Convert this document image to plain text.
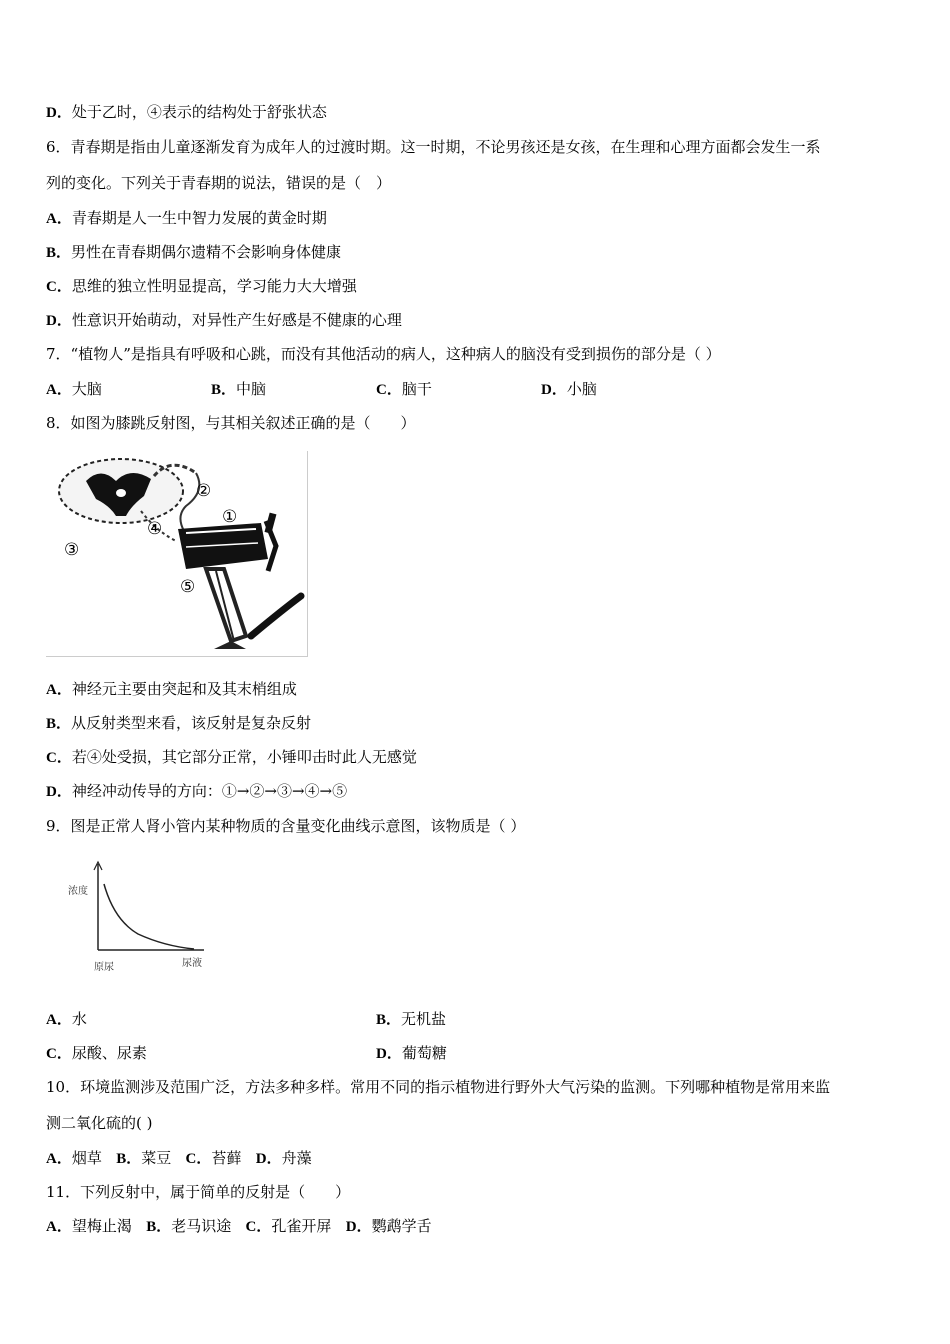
D．处于乙时，④表示的结构处于舒张状态
6．青春期是指由儿童逐渐发育为成年人的过渡时期。这一时期，不论男孩还是女孩，在生理和心理方面都会发生一系
列的变化。下列关于青春期的说法，错误的是（　）
A．青春期是人一生中智力发展的黄金时期
B．男性在青春期偶尔遗精不会影响身体健康
C．思维的独立性明显提高，学习能力大大增强
D．性意识开始萌动，对异性产生好感是不健康的心理
7．“植物人”是指具有呼吸和心跳，而没有其他活动的病人，这种病人的脑没有受到损伤的部分是（ ）
A．大脑	B．中脑	C．脑干	D．小脑
8．如图为膝跳反射图，与其相关叙述正确的是（　　）
①
②
③
④
⑤
A．神经元主要由突起和及其末梢组成
B．从反射类型来看，该反射是复杂反射
C．若④处受损，其它部分正常，小锤叩击时此人无感觉
D．神经冲动传导的方向：①→②→③→④→⑤
9．图是正常人肾小管内某种物质的含量变化曲线示意图，该物质是（ ）
浓度
原尿	尿液
A．水	B．无机盐
C．尿酸、尿素	D．葡萄糖
10．环境监测涉及范围广泛，方法多种多样。常用不同的指示植物进行野外大气污染的监测。下列哪种植物是常用来监
测二氧化硫的( )
A．烟草 B．菜豆 C．苔藓 D．舟藻
11．下列反射中，属于简单的反射是（　　）
A．望梅止渴 B．老马识途 C．孔雀开屏 D．鹦鹉学舌
